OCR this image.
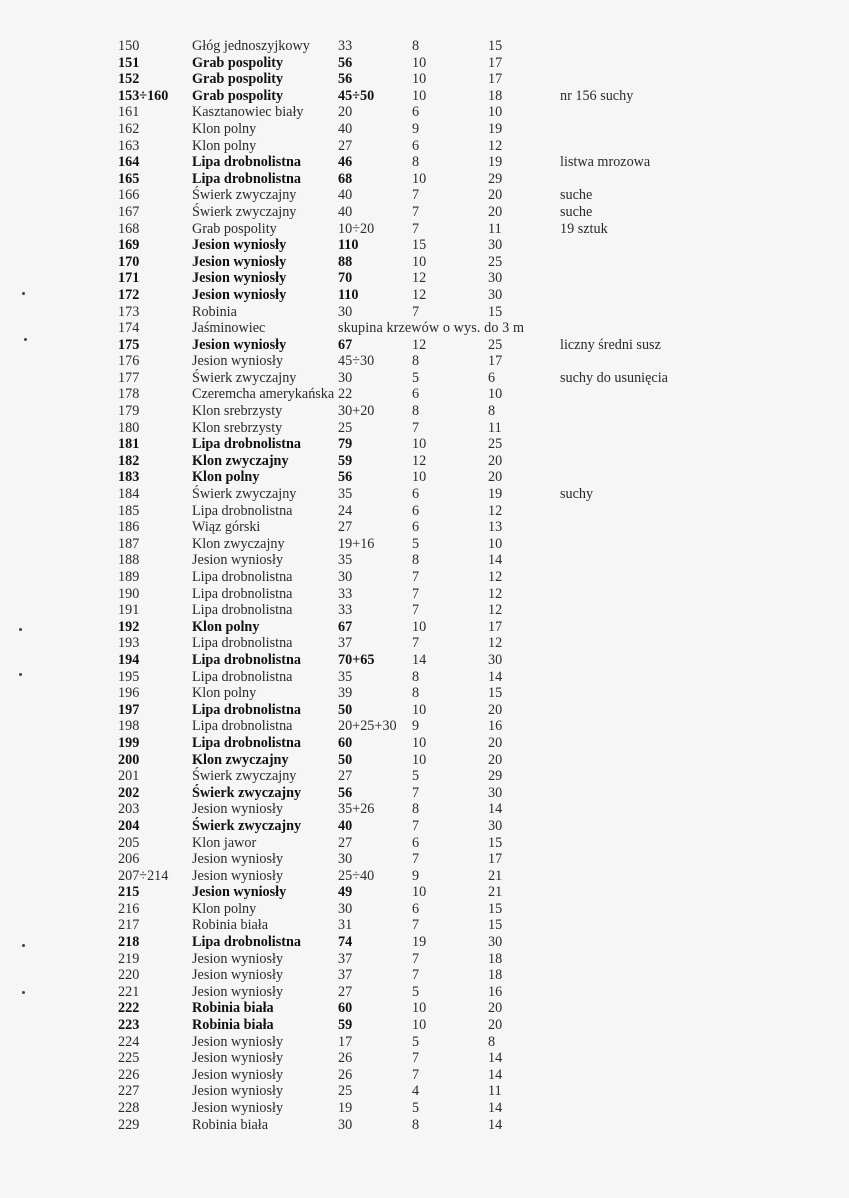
150	Głóg jednoszyjkowy	33	8	15	
151	Grab pospolity	56	10	17	
152	Grab pospolity	56	10	17	
153÷160	Grab pospolity	45÷50	10	18	nr 156 suchy
161	Kasztanowiec biały	20	6	10	
162	Klon polny	40	9	19	
163	Klon polny	27	6	12	
164	Lipa drobnolistna	46	8	19	listwa mrozowa
165	Lipa drobnolistna	68	10	29	
166	Świerk zwyczajny	40	7	20	suche
167	Świerk zwyczajny	40	7	20	suche
168	Grab pospolity	10÷20	7	11	19 sztuk
169	Jesion wyniosły	110	15	30	
170	Jesion wyniosły	88	10	25	
171	Jesion wyniosły	70	12	30	
172	Jesion wyniosły	110	12	30	
173	Robinia	30	7	15	
174	Jaśminowiec	skupina krzewów o wys. do 3 m			
175	Jesion wyniosły	67	12	25	liczny średni susz
176	Jesion wyniosły	45÷30	8	17	
177	Świerk zwyczajny	30	5	6	suchy do usunięcia
178	Czeremcha amerykańska	22	6	10	
179	Klon srebrzysty	30+20	8	8	
180	Klon srebrzysty	25	7	11	
181	Lipa drobnolistna	79	10	25	
182	Klon zwyczajny	59	12	20	
183	Klon polny	56	10	20	
184	Świerk zwyczajny	35	6	19	suchy
185	Lipa drobnolistna	24	6	12	
186	Wiąz górski	27	6	13	
187	Klon zwyczajny	19+16	5	10	
188	Jesion wyniosły	35	8	14	
189	Lipa drobnolistna	30	7	12	
190	Lipa drobnolistna	33	7	12	
191	Lipa drobnolistna	33	7	12	
192	Klon polny	67	10	17	
193	Lipa drobnolistna	37	7	12	
194	Lipa drobnolistna	70+65	14	30	
195	Lipa drobnolistna	35	8	14	
196	Klon polny	39	8	15	
197	Lipa drobnolistna	50	10	20	
198	Lipa drobnolistna	20+25+30	9	16	
199	Lipa drobnolistna	60	10	20	
200	Klon zwyczajny	50	10	20	
201	Świerk zwyczajny	27	5	29	
202	Świerk zwyczajny	56	7	30	
203	Jesion wyniosły	35+26	8	14	
204	Świerk zwyczajny	40	7	30	
205	Klon jawor	27	6	15	
206	Jesion wyniosły	30	7	17	
207÷214	Jesion wyniosły	25÷40	9	21	
215	Jesion wyniosły	49	10	21	
216	Klon polny	30	6	15	
217	Robinia biała	31	7	15	
218	Lipa drobnolistna	74	19	30	
219	Jesion wyniosły	37	7	18	
220	Jesion wyniosły	37	7	18	
221	Jesion wyniosły	27	5	16	
222	Robinia biała	60	10	20	
223	Robinia biała	59	10	20	
224	Jesion wyniosły	17	5	8	
225	Jesion wyniosły	26	7	14	
226	Jesion wyniosły	26	7	14	
227	Jesion wyniosły	25	4	11	
228	Jesion wyniosły	19	5	14	
229	Robinia biała	30	8	14	
